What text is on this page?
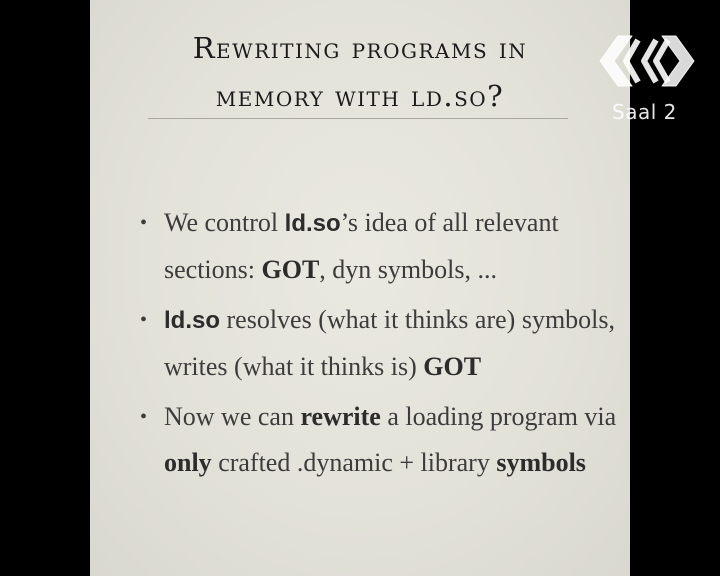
Rewriting programs in
memory with ld.so?
• We control ld.so’s idea of all relevant
sections: GOT, dyn symbols, ...
• ld.so resolves (what it thinks are) symbols,
writes (what it thinks is) GOT
• Now we can rewrite a loading program via
only crafted .dynamic + library symbols
Saal 2
